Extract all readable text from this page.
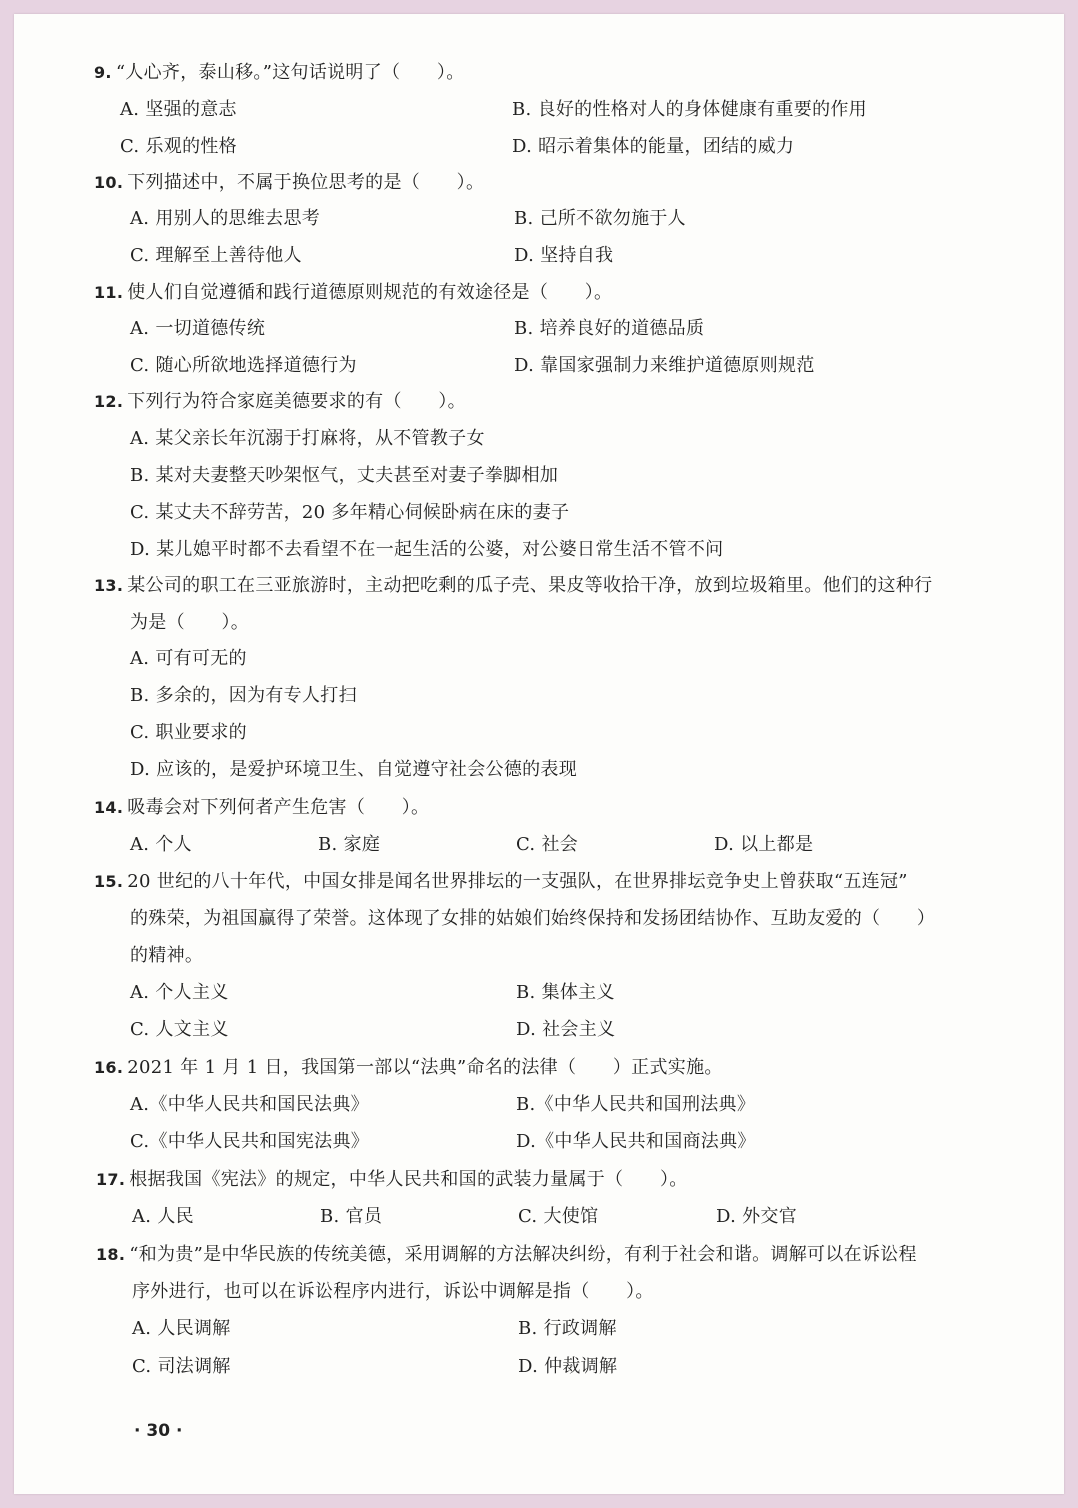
9. “人心齐，泰山移。”这句话说明了（　　）。
A. 坚强的意志	B. 良好的性格对人的身体健康有重要的作用
C. 乐观的性格	D. 昭示着集体的能量，团结的威力
10. 下列描述中，不属于换位思考的是（　　）。
A. 用别人的思维去思考	B. 己所不欲勿施于人
C. 理解至上善待他人	D. 坚持自我
11. 使人们自觉遵循和践行道德原则规范的有效途径是（　　）。
A. 一切道德传统	B. 培养良好的道德品质
C. 随心所欲地选择道德行为	D. 靠国家强制力来维护道德原则规范
12. 下列行为符合家庭美德要求的有（　　）。
A. 某父亲长年沉溺于打麻将，从不管教子女
B. 某对夫妻整天吵架怄气，丈夫甚至对妻子拳脚相加
C. 某丈夫不辞劳苦，20 多年精心伺候卧病在床的妻子
D. 某儿媳平时都不去看望不在一起生活的公婆，对公婆日常生活不管不问
13. 某公司的职工在三亚旅游时，主动把吃剩的瓜子壳、果皮等收拾干净，放到垃圾箱里。他们的这种行
为是（　　）。
A. 可有可无的
B. 多余的，因为有专人打扫
C. 职业要求的
D. 应该的，是爱护环境卫生、自觉遵守社会公德的表现
14. 吸毒会对下列何者产生危害（　　）。
A. 个人	B. 家庭	C. 社会	D. 以上都是
15. 20 世纪的八十年代，中国女排是闻名世界排坛的一支强队，在世界排坛竞争史上曾获取“五连冠”
的殊荣，为祖国赢得了荣誉。这体现了女排的姑娘们始终保持和发扬团结协作、互助友爱的（　　）
的精神。
A. 个人主义	B. 集体主义
C. 人文主义	D. 社会主义
16. 2021 年 1 月 1 日，我国第一部以“法典”命名的法律（　　）正式实施。
A.《中华人民共和国民法典》	B.《中华人民共和国刑法典》
C.《中华人民共和国宪法典》	D.《中华人民共和国商法典》
17. 根据我国《宪法》的规定，中华人民共和国的武装力量属于（　　）。
A. 人民	B. 官员	C. 大使馆	D. 外交官
18. “和为贵”是中华民族的传统美德，采用调解的方法解决纠纷，有利于社会和谐。调解可以在诉讼程
序外进行，也可以在诉讼程序内进行，诉讼中调解是指（　　）。
A. 人民调解	B. 行政调解
C. 司法调解	D. 仲裁调解
· 30 ·
